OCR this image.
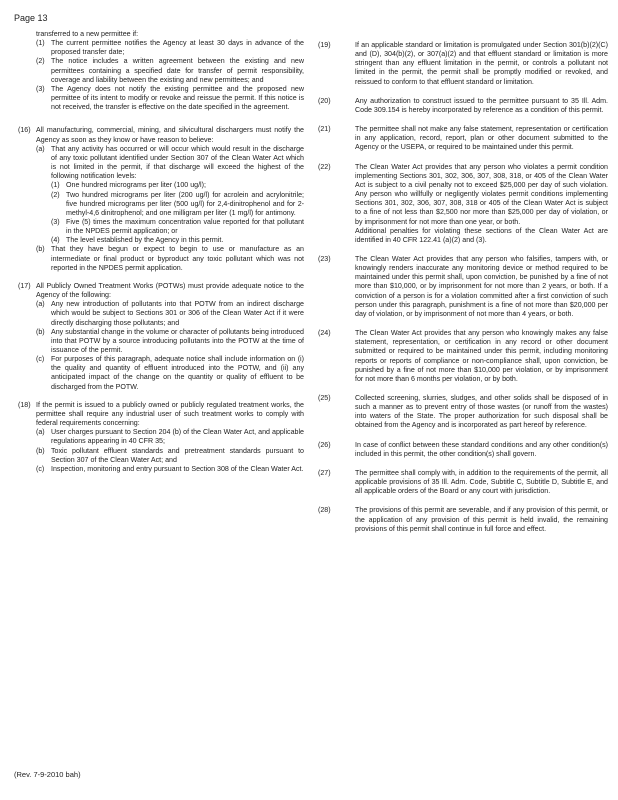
Page 13

transferred to a new permittee if:

(1) The current permittee notifies the Agency at least 30 days in advance of the proposed transfer date;
(2) The notice includes a written agreement between the existing and new permittees containing a specified date for transfer of permit responsibility, coverage and liability between the existing and new permittees; and
(3) The Agency does not notify the existing permittee and the proposed new permittee of its intent to modify or revoke and reissue the permit. If this notice is not received, the transfer is effective on the date specified in the agreement.
(16) All manufacturing, commercial, mining, and silvicultural dischargers must notify the Agency as soon as they know or have reason to believe:

(a) That any activity has occurred or will occur which would result in the discharge of any toxic pollutant identified under Section 307 of the Clean Water Act which is not limited in the permit, if that discharge will exceed the highest of the following notification levels:
(1) One hundred micrograms per liter (100 ug/l);
(2) Two hundred micrograms per liter (200 ug/l) for acrolein and acrylonitrile; five hundred micrograms per liter (500 ug/l) for 2,4-dinitrophenol and for 2-methyl-4,6 dinitrophenol; and one milligram per liter (1 mg/l) for antimony.
(3) Five (5) times the maximum concentration value reported for that pollutant in the NPDES permit application; or
(4) The level established by the Agency in this permit.
(b) That they have begun or expect to begin to use or manufacture as an intermediate or final product or byproduct any toxic pollutant which was not reported in the NPDES permit application.
(17) All Publicly Owned Treatment Works (POTWs) must provide adequate notice to the Agency of the following:

(a) Any new introduction of pollutants into that POTW from an indirect discharge which would be subject to Sections 301 or 306 of the Clean Water Act if it were directly discharging those pollutants; and
(b) Any substantial change in the volume or character of pollutants being introduced into that POTW by a source introducing pollutants into the POTW at the time of issuance of the permit.
(c) For purposes of this paragraph, adequate notice shall include information on (i) the quality and quantity of effluent introduced into the POTW, and (ii) any anticipated impact of the change on the quantity or quality of effluent to be discharged from the POTW.
(18) If the permit is issued to a publicly owned or publicly regulated treatment works, the permittee shall require any industrial user of such treatment works to comply with federal requirements concerning:

(a) User charges pursuant to Section 204 (b) of the Clean Water Act, and applicable regulations appearing in 40 CFR 35;
(b) Toxic pollutant effluent standards and pretreatment standards pursuant to Section 307 of the Clean Water Act; and
(c) Inspection, monitoring and entry pursuant to Section 308 of the Clean Water Act.
(19)	If an applicable standard or limitation is promulgated under Section 301(b)(2)(C) and (D), 304(b)(2), or 307(a)(2) and that effluent standard or limitation is more stringent than any effluent limitation in the permit, or controls a pollutant not limited in the permit, the permit shall be promptly modified or revoked, and reissued to conform to that effluent standard or limitation.
(20)	Any authorization to construct issued to the permittee pursuant to 35 Ill. Adm. Code 309.154 is hereby incorporated by reference as a condition of this permit.
(21)	The permittee shall not make any false statement, representation or certification in any application, record, report, plan or other document submitted to the Agency or the USEPA, or required to be maintained under this permit.
(22)	The Clean Water Act provides that any person who violates a permit condition implementing Sections 301, 302, 306, 307, 308, 318, or 405 of the Clean Water Act is subject to a civil penalty not to exceed $25,000 per day of such violation. Any person who willfully or negligently violates permit conditions implementing Sections 301, 302, 306, 307, 308, 318 or 405 of the Clean Water Act is subject to a fine of not less than $2,500 nor more than $25,000 per day of violation, or by imprisonment for not more than one year, or both.
Additional penalties for violating these sections of the Clean Water Act are identified in 40 CFR 122.41 (a)(2) and (3).
(23)	The Clean Water Act provides that any person who falsifies, tampers with, or knowingly renders inaccurate any monitoring device or method required to be maintained under this permit shall, upon conviction, be punished by a fine of not more than $10,000, or by imprisonment for not more than 2 years, or both. If a conviction of a person is for a violation committed after a first conviction of such person under this paragraph, punishment is a fine of not more than $20,000 per day of violation, or by imprisonment of not more than 4 years, or both.
(24)	The Clean Water Act provides that any person who knowingly makes any false statement, representation, or certification in any record or other document submitted or required to be maintained under this permit, including monitoring reports or reports of compliance or non-compliance shall, upon conviction, be punished by a fine of not more than $10,000 per violation, or by imprisonment for not more than 6 months per violation, or by both.
(25)	Collected screening, slurries, sludges, and other solids shall be disposed of in such a manner as to prevent entry of those wastes (or runoff from the wastes) into waters of the State. The proper authorization for such disposal shall be obtained from the Agency and is incorporated as part hereof by reference.
(26)	In case of conflict between these standard conditions and any other condition(s) included in this permit, the other condition(s) shall govern.
(27)	The permittee shall comply with, in addition to the requirements of the permit, all applicable provisions of 35 Ill. Adm. Code, Subtitle C, Subtitle D, Subtitle E, and all applicable orders of the Board or any court with jurisdiction.
(28)	The provisions of this permit are severable, and if any provision of this permit, or the application of any provision of this permit is held invalid, the remaining provisions of this permit shall continue in full force and effect.
(Rev. 7-9-2010 bah)
